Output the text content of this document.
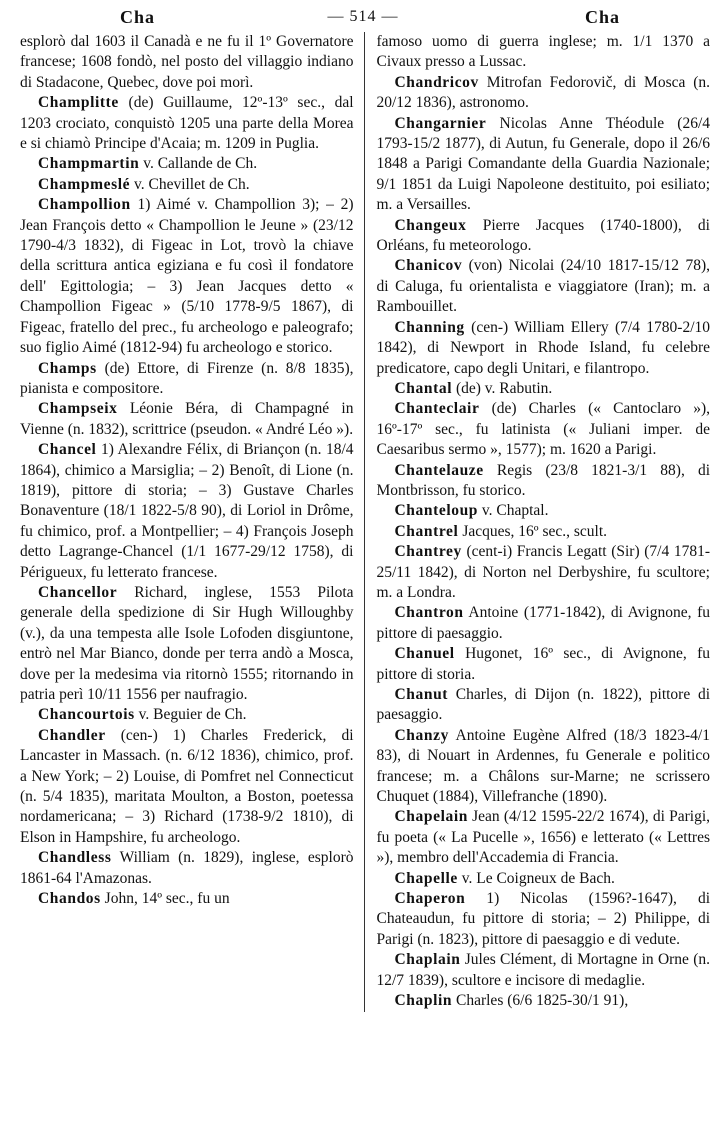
Cha	— 514 —	Cha

esplorò dal 1603 il Canadà e ne fu il 1º Governatore francese; 1608 fondò, nel posto del villaggio indiano di Stadacone, Quebec, dove poi morì.

Champlitte (de) Guillaume, 12º-13º sec., dal 1203 crociato, conquistò 1205 una parte della Morea e si chiamò Principe d'Acaia; m. 1209 in Puglia.

Champmartin v. Callande de Ch.

Champmeslé v. Chevillet de Ch.

Champollion 1) Aimé v. Champollion 3); – 2) Jean François detto « Champollion le Jeune » (23/12 1790-4/3 1832), di Figeac in Lot, trovò la chiave della scrittura antica egiziana e fu così il fondatore dell' Egittologia; – 3) Jean Jacques detto « Champollion Figeac » (5/10 1778-9/5 1867), di Figeac, fratello del prec., fu archeologo e paleografo; suo figlio Aimé (1812-94) fu archeologo e storico.

Champs (de) Ettore, di Firenze (n. 8/8 1835), pianista e compositore.

Champseix Léonie Béra, di Champagné in Vienne (n. 1832), scrittrice (pseudon. « André Léo »).

Chancel 1) Alexandre Félix, di Briançon (n. 18/4 1864), chimico a Marsiglia; – 2) Benoît, di Lione (n. 1819), pittore di storia; – 3) Gustave Charles Bonaventure (18/1 1822-5/8 90), di Loriol in Drôme, fu chimico, prof. a Montpellier; – 4) François Joseph detto Lagrange-Chancel (1/1 1677-29/12 1758), di Périgueux, fu letterato francese.

Chancellor Richard, inglese, 1553 Pilota generale della spedizione di Sir Hugh Willoughby (v.), da una tempesta alle Isole Lofoden disgiuntone, entrò nel Mar Bianco, donde per terra andò a Mosca, dove per la medesima via ritornò 1555; ritornando in patria perì 10/11 1556 per naufragio.

Chancourtois v. Beguier de Ch.

Chandler (cen-) 1) Charles Frederick, di Lancaster in Massach. (n. 6/12 1836), chimico, prof. a New York; – 2) Louise, di Pomfret nel Connecticut (n. 5/4 1835), maritata Moulton, a Boston, poetessa nordamericana; – 3) Richard (1738-9/2 1810), di Elson in Hampshire, fu archeologo.

Chandless William (n. 1829), inglese, esplorò 1861-64 l'Amazonas.

Chandos John, 14º sec., fu un

famoso uomo di guerra inglese; m. 1/1 1370 a Civaux presso a Lussac.

Chandricov Mitrofan Fedorovič, di Mosca (n. 20/12 1836), astronomo.

Changarnier Nicolas Anne Théodule (26/4 1793-15/2 1877), di Autun, fu Generale, dopo il 26/6 1848 a Parigi Comandante della Guardia Nazionale; 9/1 1851 da Luigi Napoleone destituito, poi esiliato; m. a Versailles.

Changeux Pierre Jacques (1740-1800), di Orléans, fu meteorologo.

Chanicov (von) Nicolai (24/10 1817-15/12 78), di Caluga, fu orientalista e viaggiatore (Iran); m. a Rambouillet.

Channing (cen-) William Ellery (7/4 1780-2/10 1842), di Newport in Rhode Island, fu celebre predicatore, capo degli Unitari, e filantropo.

Chantal (de) v. Rabutin.

Chanteclair (de) Charles (« Cantoclaro »), 16º-17º sec., fu latinista (« Juliani imper. de Caesaribus sermo », 1577); m. 1620 a Parigi.

Chantelauze Regis (23/8 1821-3/1 88), di Montbrisson, fu storico.

Chanteloup v. Chaptal.

Chantrel Jacques, 16º sec., scult.

Chantrey (cent-i) Francis Legatt (Sir) (7/4 1781-25/11 1842), di Norton nel Derbyshire, fu scultore; m. a Londra.

Chantron Antoine (1771-1842), di Avignone, fu pittore di paesaggio.

Chanuel Hugonet, 16º sec., di Avignone, fu pittore di storia.

Chanut Charles, di Dijon (n. 1822), pittore di paesaggio.

Chanzy Antoine Eugène Alfred (18/3 1823-4/1 83), di Nouart in Ardennes, fu Generale e politico francese; m. a Châlons sur-Marne; ne scrissero Chuquet (1884), Villefranche (1890).

Chapelain Jean (4/12 1595-22/2 1674), di Parigi, fu poeta (« La Pucelle », 1656) e letterato (« Lettres »), membro dell'Accademia di Francia.

Chapelle v. Le Coigneux de Bach.

Chaperon 1) Nicolas (1596?-1647), di Chateaudun, fu pittore di storia; – 2) Philippe, di Parigi (n. 1823), pittore di paesaggio e di vedute.

Chaplain Jules Clément, di Mortagne in Orne (n. 12/7 1839), scultore e incisore di medaglie.

Chaplin Charles (6/6 1825-30/1 91),
